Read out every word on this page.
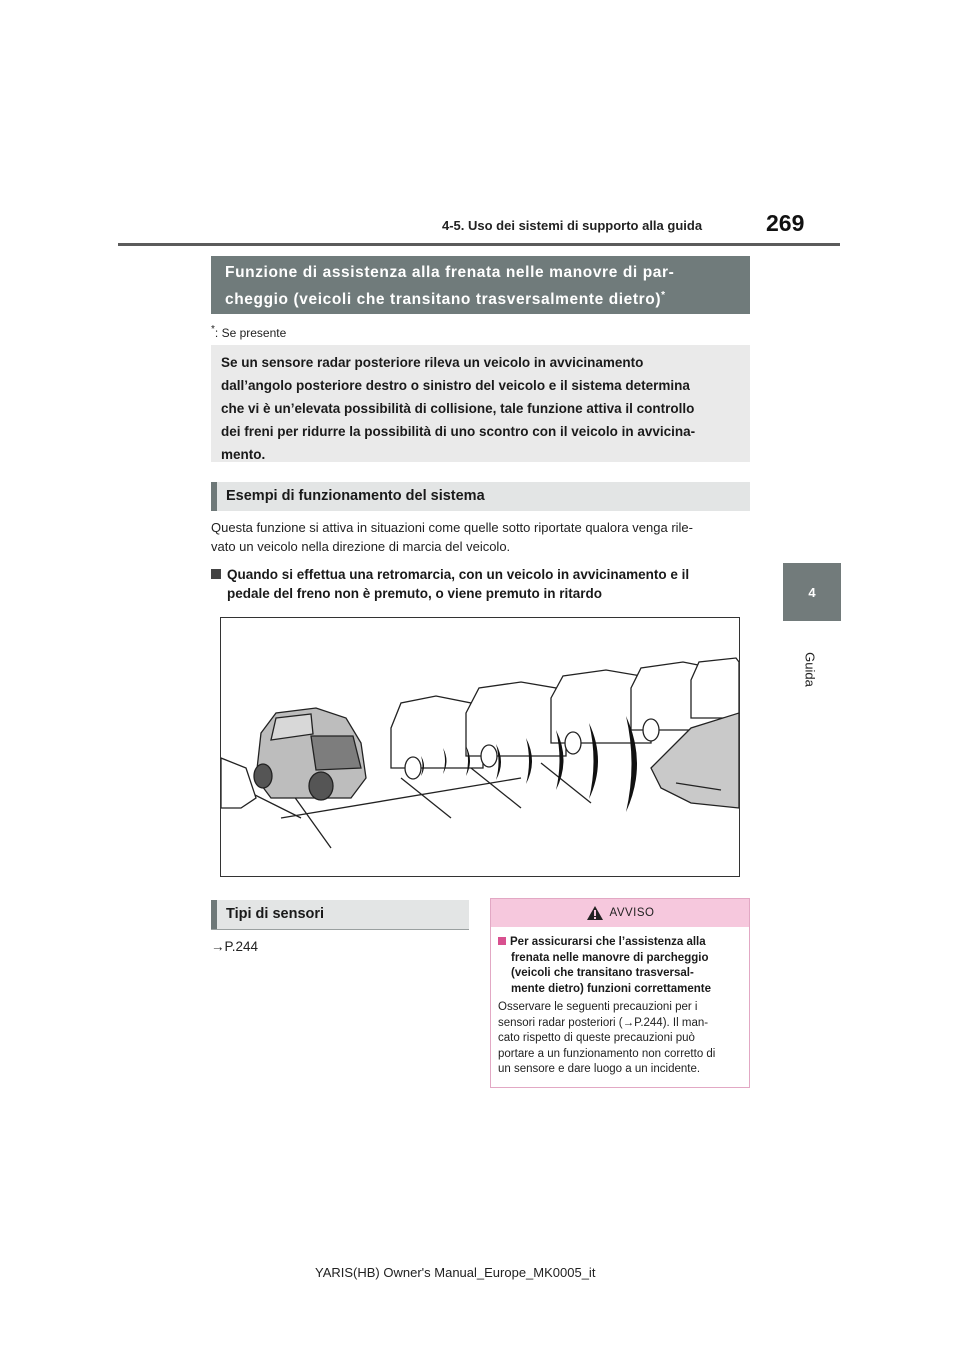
4-5. Uso dei sistemi di supporto alla guida	269
4
Guida
Funzione di assistenza alla frenata nelle manovre di par-
cheggio (veicoli che transitano trasversalmente dietro)*
*: Se presente
Se un sensore radar posteriore rileva un veicolo in avvicinamento
dall’angolo posteriore destro o sinistro del veicolo e il sistema determina
che vi è un’elevata possibilità di collisione, tale funzione attiva il controllo
dei freni per ridurre la possibilità di uno scontro con il veicolo in avvicina-
mento.
Esempi di funzionamento del sistema
Questa funzione si attiva in situazioni come quelle sotto riportate qualora venga rile-
vato un veicolo nella direzione di marcia del veicolo.
Quando si effettua una retromarcia, con un veicolo in avvicinamento e il
pedale del freno non è premuto, o viene premuto in ritardo
Tipi di sensori
→P.244
AVVISO
Per assicurarsi che l’assistenza alla
frenata nelle manovre di parcheggio
(veicoli che transitano trasversal-
mente dietro) funzioni correttamente
Osservare le seguenti precauzioni per i
sensori radar posteriori (→P.244). Il man-
cato rispetto di queste precauzioni può
portare a un funzionamento non corretto di
un sensore e dare luogo a un incidente.
YARIS(HB) Owner's Manual_Europe_MK0005_it
